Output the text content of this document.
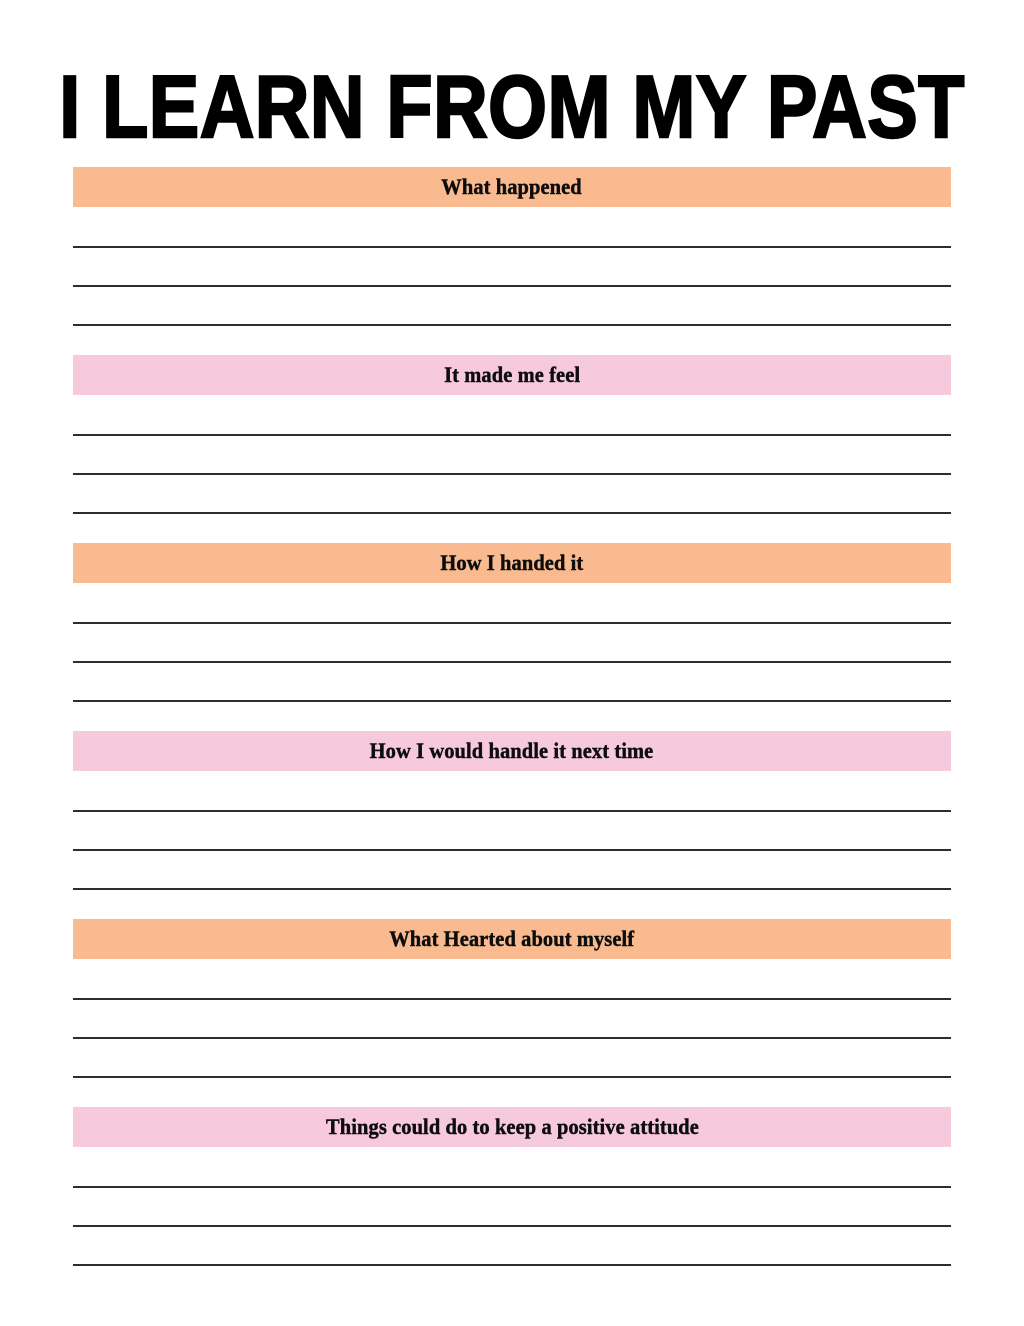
I LEARN FROM MY PAST
What happened
It made me feel
How I handed it
How I would handle it next time
What Hearted about myself
Things could do to keep a positive attitude
